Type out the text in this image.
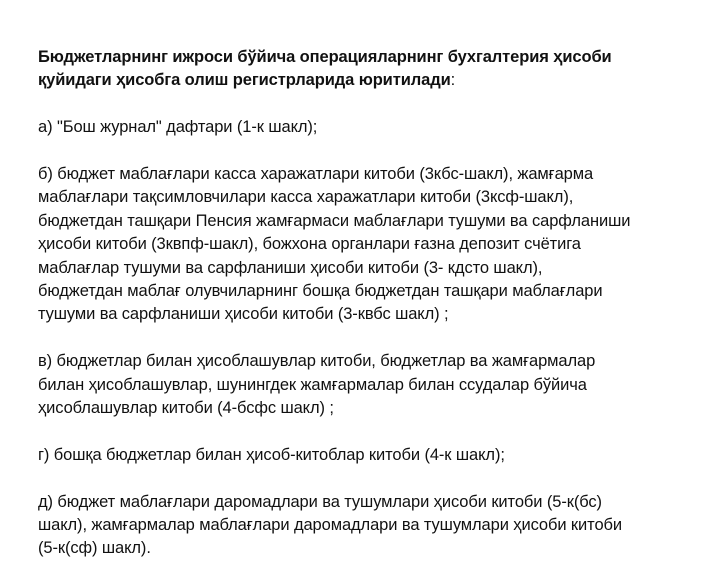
Бюджетларнинг ижроси бўйича операцияларнинг бухгалтерия ҳисоби
қуйидаги ҳисобга олиш регистрларида юритилади:

а) "Бош журнал" дафтари (1-к шакл);

б) бюджет маблағлари касса харажатлари китоби (3кбс-шакл), жамғарма
маблағлари тақсимловчилари касса харажатлари китоби (3ксф-шакл),
бюджетдан ташқари Пенсия жамғармаси маблағлари тушуми ва сарфланиши
ҳисоби китоби (3квпф-шакл), божхона органлари ғазна депозит счётига
маблағлар тушуми ва сарфланиши ҳисоби китоби (3- кдсто шакл),
бюджетдан маблағ олувчиларнинг бошқа бюджетдан ташқари маблағлари
тушуми ва сарфланиши ҳисоби китоби (3-квбс шакл) ;

в) бюджетлар билан ҳисоблашувлар китоби, бюджетлар ва жамғармалар
билан ҳисоблашувлар, шунингдек жамғармалар билан ссудалар бўйича
ҳисоблашувлар китоби (4-бсфс шакл) ;

г) бошқа бюджетлар билан ҳисоб-китоблар китоби (4-к шакл);

д) бюджет маблағлари даромадлари ва тушумлари ҳисоби китоби (5-к(бс)
шакл), жамғармалар маблағлари даромадлари ва тушумлари ҳисоби китоби
(5-к(сф) шакл).
